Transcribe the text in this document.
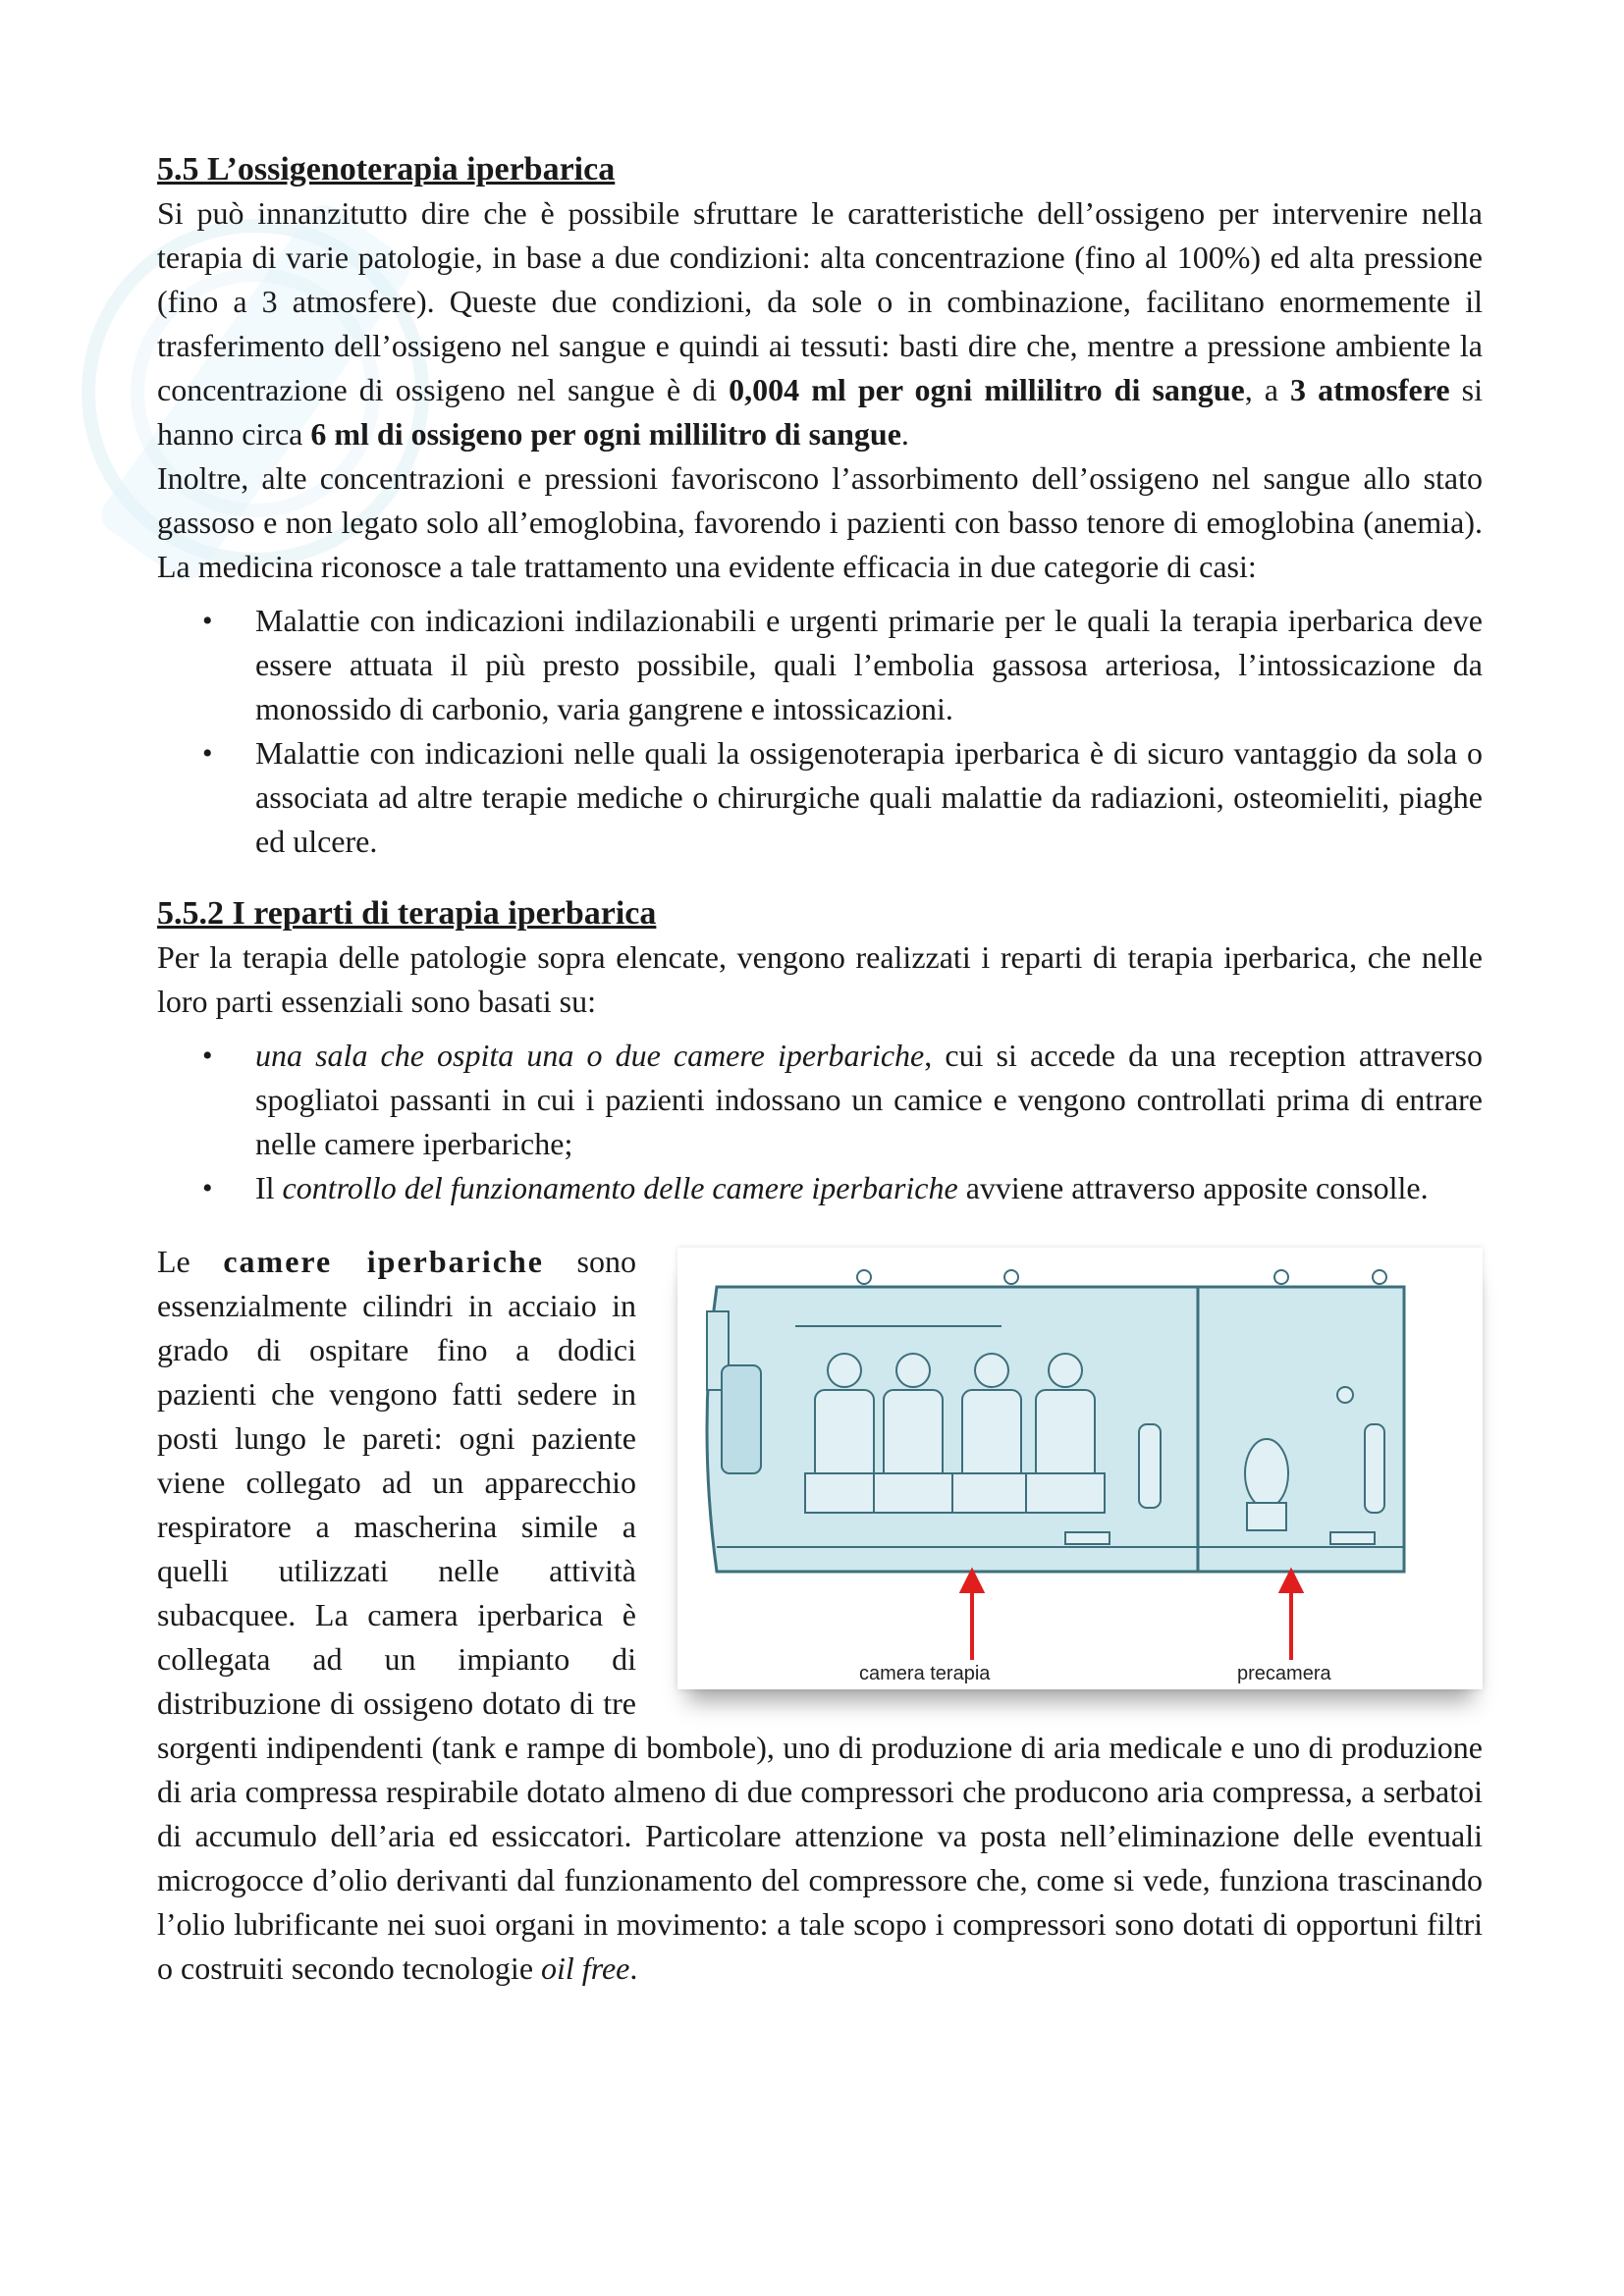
5.5 L’ossigenoterapia iperbarica

Si può innanzitutto dire che è possibile sfruttare le caratteristiche dell’ossigeno per intervenire nella terapia di varie patologie, in base a due condizioni: alta concentrazione (fino al 100%) ed alta pressione (fino a 3 atmosfere). Queste due condizioni, da sole o in combinazione, facilitano enormemente il trasferimento dell’ossigeno nel sangue e quindi ai tessuti: basti dire che, mentre a pressione ambiente la concentrazione di ossigeno nel sangue è di 0,004 ml per ogni millilitro di sangue, a 3 atmosfere si hanno circa 6 ml di ossigeno per ogni millilitro di sangue.

Inoltre, alte concentrazioni e pressioni favoriscono l’assorbimento dell’ossigeno nel sangue allo stato gassoso e non legato solo all’emoglobina, favorendo i pazienti con basso tenore di emoglobina (anemia). La medicina riconosce a tale trattamento una evidente efficacia in due categorie di casi:

• Malattie con indicazioni indilazionabili e urgenti primarie per le quali la terapia iperbarica deve essere attuata il più presto possibile, quali l’embolia gassosa arteriosa, l’intossicazione da monossido di carbonio, varia gangrene e intossicazioni.
• Malattie con indicazioni nelle quali la ossigenoterapia iperbarica è di sicuro vantaggio da sola o associata ad altre terapie mediche o chirurgiche quali malattie da radiazioni, osteomieliti, piaghe ed ulcere.
5.5.2 I reparti di terapia iperbarica

Per la terapia delle patologie sopra elencate, vengono realizzati i reparti di terapia iperbarica, che nelle loro parti essenziali sono basati su:

• una sala che ospita una o due camere iperbariche, cui si accede da una reception attraverso spogliatoi passanti in cui i pazienti indossano un camice e vengono controllati prima di entrare nelle camere iperbariche;
• Il controllo del funzionamento delle camere iperbariche avviene attraverso apposite consolle.
camera terapia	precamera

Le camere iperbariche sono essenzialmente cilindri in acciaio in grado di ospitare fino a dodici pazienti che vengono fatti sedere in posti lungo le pareti: ogni paziente viene collegato ad un apparecchio respiratore a mascherina simile a quelli utilizzati nelle attività subacquee. La camera iperbarica è collegata ad un impianto di distribuzione di ossigeno dotato di tre sorgenti indipendenti (tank e rampe di bombole), uno di produzione di aria medicale e uno di produzione di aria compressa respirabile dotato almeno di due compressori che producono aria compressa, a serbatoi di accumulo dell’aria ed essiccatori. Particolare attenzione va posta nell’eliminazione delle eventuali microgocce d’olio derivanti dal funzionamento del compressore che, come si vede, funziona trascinando l’olio lubrificante nei suoi organi in movimento: a tale scopo i compressori sono dotati di opportuni filtri o costruiti secondo tecnologie oil free.
